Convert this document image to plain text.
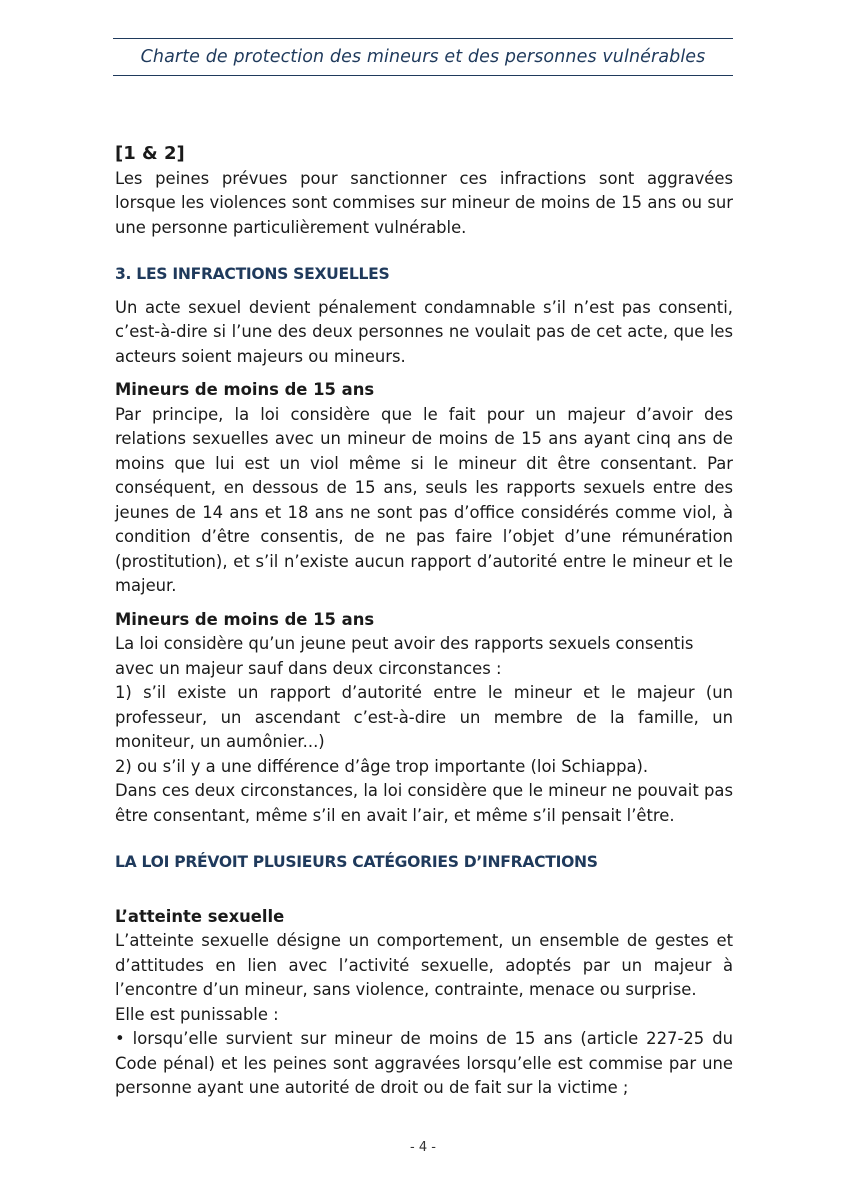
Charte de protection des mineurs et des personnes vulnérables

[1 & 2]

Les peines prévues pour sanctionner ces infractions sont aggravées lorsque les violences sont commises sur mineur de moins de 15 ans ou sur une personne particulièrement vulnérable.

3. LES INFRACTIONS SEXUELLES

Un acte sexuel devient pénalement condamnable s’il n’est pas consenti, c’est-à-dire si l’une des deux personnes ne voulait pas de cet acte, que les acteurs soient majeurs ou mineurs.

Mineurs de moins de 15 ans

Par principe, la loi considère que le fait pour un majeur d’avoir des relations sexuelles avec un mineur de moins de 15 ans ayant cinq ans de moins que lui est un viol même si le mineur dit être consentant. Par conséquent, en dessous de 15 ans, seuls les rapports sexuels entre des jeunes de 14 ans et 18 ans ne sont pas d’office considérés comme viol, à condition d’être consentis, de ne pas faire l’objet d’une rémunération (prostitution), et s’il n’existe aucun rapport d’autorité entre le mineur et le majeur.

Mineurs de moins de 15 ans

La loi considère qu’un jeune peut avoir des rapports sexuels consentis

avec un majeur sauf dans deux circonstances :

1) s’il existe un rapport d’autorité entre le mineur et le majeur (un professeur, un ascendant c’est-à-dire un membre de la famille, un moniteur, un aumônier...)

2) ou s’il y a une différence d’âge trop importante (loi Schiappa).

Dans ces deux circonstances, la loi considère que le mineur ne pouvait pas être consentant, même s’il en avait l’air, et même s’il pensait l’être.

LA LOI PRÉVOIT PLUSIEURS CATÉGORIES D’INFRACTIONS

L’atteinte sexuelle

L’atteinte sexuelle désigne un comportement, un ensemble de gestes et d’attitudes en lien avec l’activité sexuelle, adoptés par un majeur à l’encontre d’un mineur, sans violence, contrainte, menace ou surprise.

Elle est punissable :

• lorsqu’elle survient sur mineur de moins de 15 ans (article 227-25 du Code pénal) et les peines sont aggravées lorsqu’elle est commise par une personne ayant une autorité de droit ou de fait sur la victime ;

- 4 -
